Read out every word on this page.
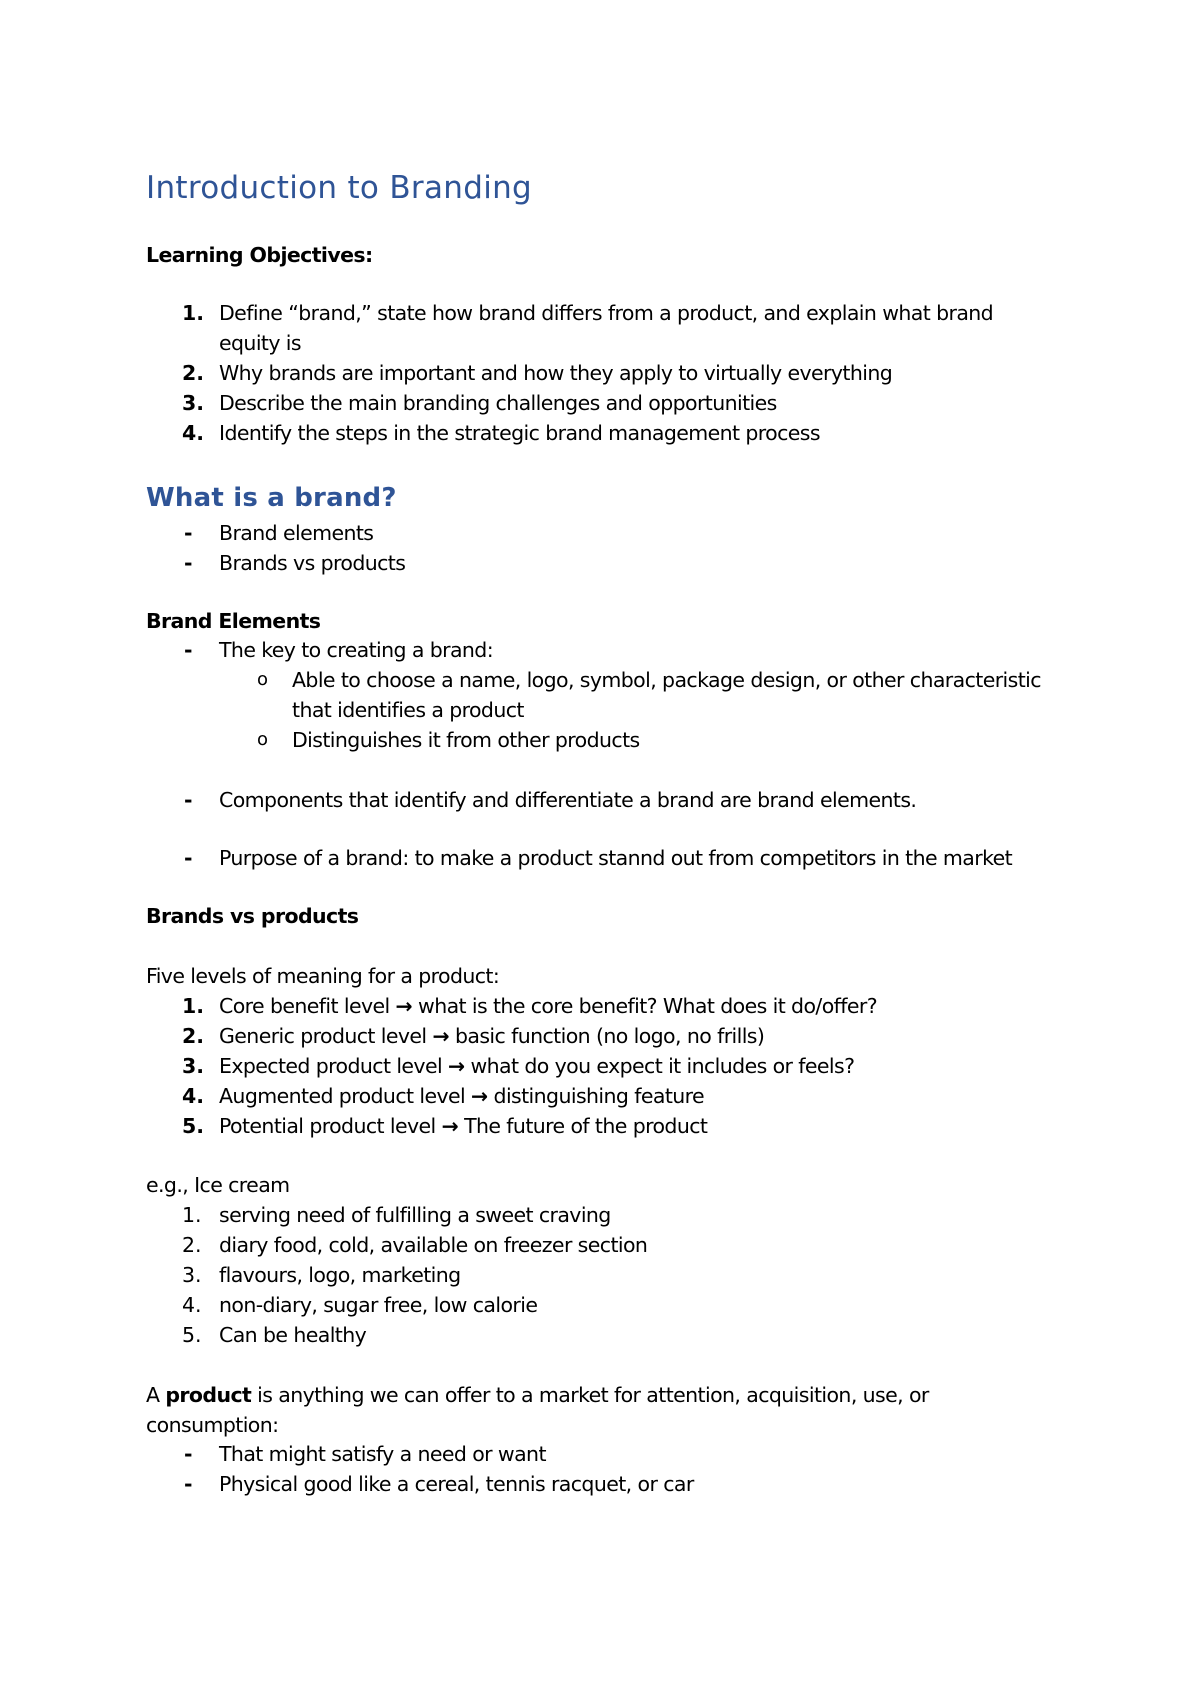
Introduction to Branding
Learning Objectives:
1. Define “brand,” state how brand differs from a product, and explain what brand
equity is
2. Why brands are important and how they apply to virtually everything
3. Describe the main branding challenges and opportunities
4. Identify the steps in the strategic brand management process
What is a brand?
- Brand elements
- Brands vs products
Brand Elements
- The key to creating a brand:
o Able to choose a name, logo, symbol, package design, or other characteristic
that identifies a product
o Distinguishes it from other products
- Components that identify and differentiate a brand are brand elements.
- Purpose of a brand: to make a product stannd out from competitors in the market
Brands vs products
Five levels of meaning for a product:
1. Core benefit level → what is the core benefit? What does it do/offer?
2. Generic product level → basic function (no logo, no frills)
3. Expected product level → what do you expect it includes or feels?
4. Augmented product level → distinguishing feature
5. Potential product level → The future of the product
e.g., Ice cream
1. serving need of fulfilling a sweet craving
2. diary food, cold, available on freezer section
3. flavours, logo, marketing
4. non-diary, sugar free, low calorie
5. Can be healthy
A product is anything we can offer to a market for attention, acquisition, use, or
consumption:
- That might satisfy a need or want
- Physical good like a cereal, tennis racquet, or car
